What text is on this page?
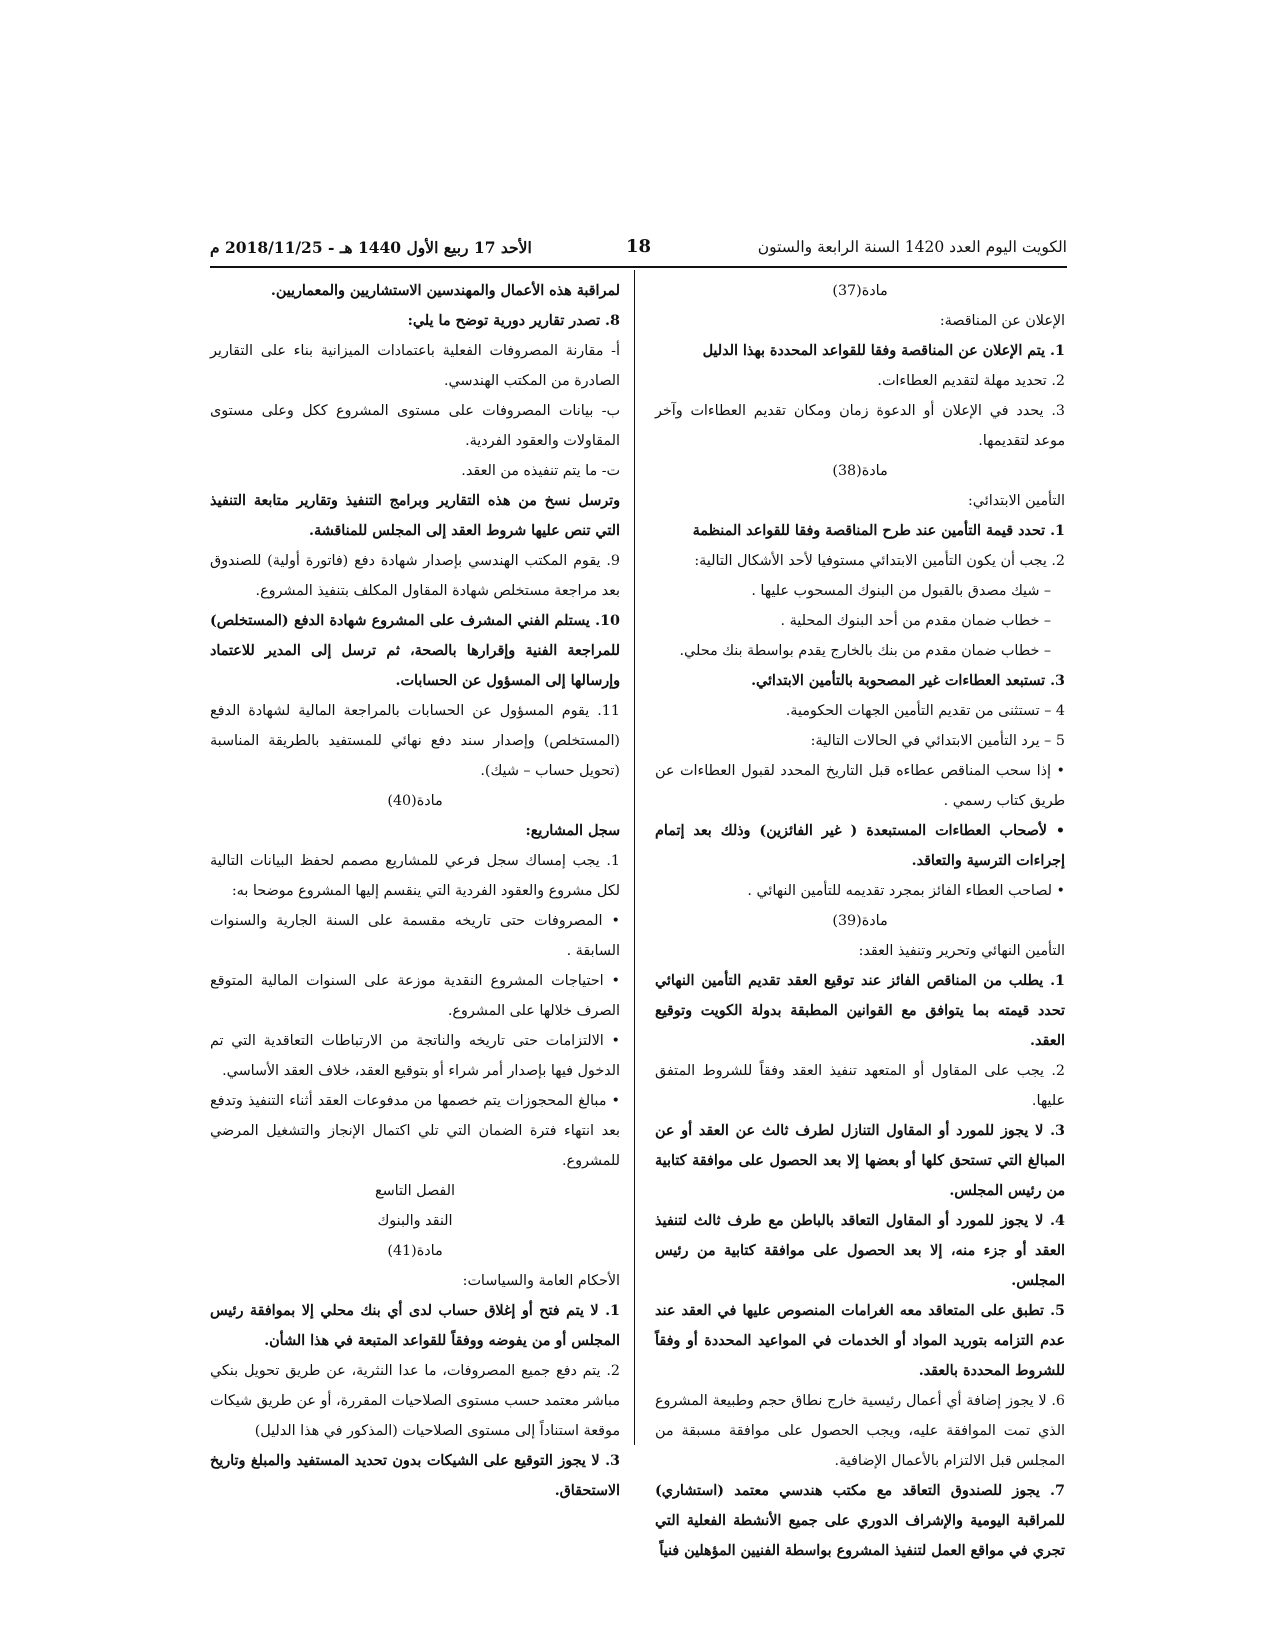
الأحد 17 ربيع الأول 1440 هـ - 2018/11/25 م	18	الكويت اليوم العدد 1420 السنة الرابعة والستون

مادة(37)

الإعلان عن المناقصة:

1. يتم الإعلان عن المناقصة وفقا للقواعد المحددة بهذا الدليل

2. تحديد مهلة لتقديم العطاءات.

3. يحدد في الإعلان أو الدعوة زمان ومكان تقديم العطاءات وآخر موعد لتقديمها.

مادة(38)

التأمين الابتدائي:

1. تحدد قيمة التأمين عند طرح المناقصة وفقا للقواعد المنظمة

2. يجب أن يكون التأمين الابتدائي مستوفيا لأحد الأشكال التالية:

– شيك مصدق بالقبول من البنوك المسحوب عليها .

– خطاب ضمان مقدم من أحد البنوك المحلية .

– خطاب ضمان مقدم من بنك بالخارج يقدم بواسطة بنك محلي.

3. تستبعد العطاءات غير المصحوبة بالتأمين الابتدائي.

4 – تستثنى من تقديم التأمين الجهات الحكومية.

5 – يرد التأمين الابتدائي في الحالات التالية:

• إذا سحب المناقص عطاءه قبل التاريخ المحدد لقبول العطاءات عن طريق كتاب رسمي .

• لأصحاب العطاءات المستبعدة ( غير الفائزين) وذلك بعد إتمام إجراءات الترسية والتعاقد.

• لصاحب العطاء الفائز بمجرد تقديمه للتأمين النهائي .

مادة(39)

التأمين النهائي وتحرير وتنفيذ العقد:

1. يطلب من المناقص الفائز عند توقيع العقد تقديم التأمين النهائي تحدد قيمته بما يتوافق مع القوانين المطبقة بدولة الكويت وتوقيع العقد.

2. يجب على المقاول أو المتعهد تنفيذ العقد وفقاً للشروط المتفق عليها.

3. لا يجوز للمورد أو المقاول التنازل لطرف ثالث عن العقد أو عن المبالغ التي تستحق كلها أو بعضها إلا بعد الحصول على موافقة كتابية من رئيس المجلس.

4. لا يجوز للمورد أو المقاول التعاقد بالباطن مع طرف ثالث لتنفيذ العقد أو جزء منه، إلا بعد الحصول على موافقة كتابية من رئيس المجلس.

5. تطبق على المتعاقد معه الغرامات المنصوص عليها في العقد عند عدم التزامه بتوريد المواد أو الخدمات في المواعيد المحددة أو وفقاً للشروط المحددة بالعقد.

6. لا يجوز إضافة أي أعمال رئيسية خارج نطاق حجم وطبيعة المشروع الذي تمت الموافقة عليه، ويجب الحصول على موافقة مسبقة من المجلس قبل الالتزام بالأعمال الإضافية.

7. يجوز للصندوق التعاقد مع مكتب هندسي معتمد (استشاري) للمراقبة اليومية والإشراف الدوري على جميع الأنشطة الفعلية التي تجري في مواقع العمل لتنفيذ المشروع بواسطة الفنيين المؤهلين فنياً

لمراقبة هذه الأعمال والمهندسين الاستشاريين والمعماريين.

8. تصدر تقارير دورية توضح ما يلي:

أ- مقارنة المصروفات الفعلية باعتمادات الميزانية بناء على التقارير الصادرة من المكتب الهندسي.

ب- بيانات المصروفات على مستوى المشروع ككل وعلى مستوى المقاولات والعقود الفردية.

ت- ما يتم تنفيذه من العقد.

وترسل نسخ من هذه التقارير وبرامج التنفيذ وتقارير متابعة التنفيذ التي تنص عليها شروط العقد إلى المجلس للمناقشة.

9. يقوم المكتب الهندسي بإصدار شهادة دفع (فاتورة أولية) للصندوق بعد مراجعة مستخلص شهادة المقاول المكلف بتنفيذ المشروع.

10. يستلم الفني المشرف على المشروع شهادة الدفع (المستخلص) للمراجعة الفنية وإقرارها بالصحة، ثم ترسل إلى المدير للاعتماد وإرسالها إلى المسؤول عن الحسابات.

11. يقوم المسؤول عن الحسابات بالمراجعة المالية لشهادة الدفع (المستخلص) وإصدار سند دفع نهائي للمستفيد بالطريقة المناسبة (تحويل حساب – شيك).

مادة(40)

سجل المشاريع:

1. يجب إمساك سجل فرعي للمشاريع مصمم لحفظ البيانات التالية لكل مشروع والعقود الفردية التي ينقسم إليها المشروع موضحا به:

• المصروفات حتى تاريخه مقسمة على السنة الجارية والسنوات السابقة .

• احتياجات المشروع النقدية موزعة على السنوات المالية المتوقع الصرف خلالها على المشروع.

• الالتزامات حتى تاريخه والناتجة من الارتباطات التعاقدية التي تم الدخول فيها بإصدار أمر شراء أو بتوقيع العقد، خلاف العقد الأساسي.

• مبالغ المحجوزات يتم خصمها من مدفوعات العقد أثناء التنفيذ وتدفع بعد انتهاء فترة الضمان التي تلي اكتمال الإنجاز والتشغيل المرضي للمشروع.

الفصل التاسع

النقد والبنوك

مادة(41)

الأحكام العامة والسياسات:

1. لا يتم فتح أو إغلاق حساب لدى أي بنك محلي إلا بموافقة رئيس المجلس أو من يفوضه ووفقاً للقواعد المتبعة في هذا الشأن.

2. يتم دفع جميع المصروفات، ما عدا النثرية، عن طريق تحويل بنكي مباشر معتمد حسب مستوى الصلاحيات المقررة، أو عن طريق شيكات موقعة استناداً إلى مستوى الصلاحيات (المذكور في هذا الدليل)

3. لا يجوز التوقيع على الشيكات بدون تحديد المستفيد والمبلغ وتاريخ الاستحقاق.
